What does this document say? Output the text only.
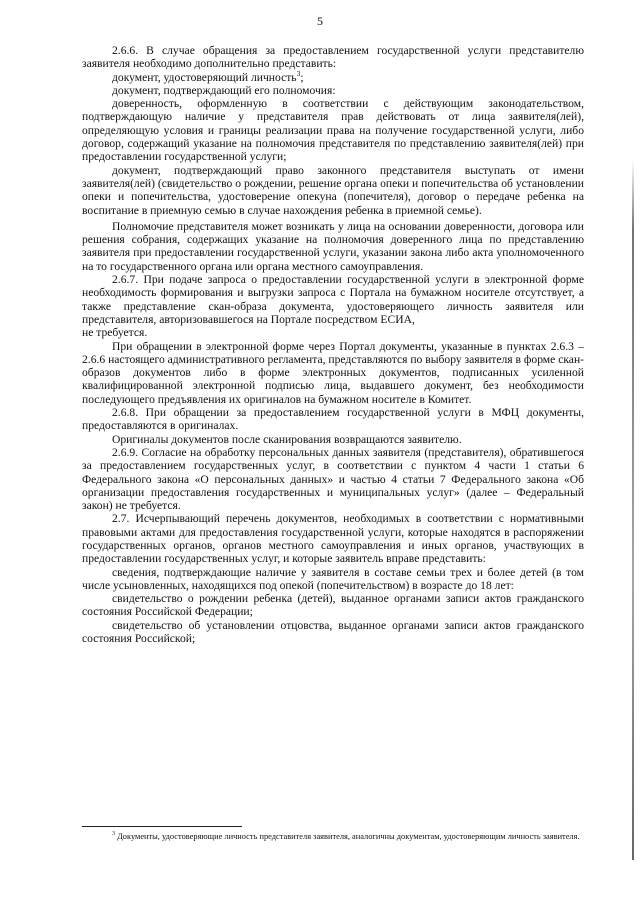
5

2.6.6. В случае обращения за предоставлением государственной услуги представителю заявителя необходимо дополнительно представить:

документ, удостоверяющий личность$^3$;

документ, подтверждающий его полномочия:

доверенность, оформленную в соответствии с действующим законодательством, подтверждающую наличие у представителя прав действовать от лица заявителя(лей), определяющую условия и границы реализации права на получение государственной услуги, либо договор, содержащий указание на полномочия представителя по представлению заявителя(лей) при предоставлении государственной услуги;

документ, подтверждающий право законного представителя выступать от имени заявителя(лей) (свидетельство о рождении, решение органа опеки и попечительства об установлении опеки и попечительства, удостоверение опекуна (попечителя), договор о передаче ребенка на воспитание в приемную семью в случае нахождения ребенка в приемной семье).

Полномочие представителя может возникать у лица на основании доверенности, договора или решения собрания, содержащих указание на полномочия доверенного лица по представлению заявителя при предоставлении государственной услуги, указании закона либо акта уполномоченного на то государственного органа или органа местного самоуправления.

2.6.7. При подаче запроса о предоставлении государственной услуги в электронной форме необходимость формирования и выгрузки запроса с Портала на бумажном носителе отсутствует, а также представление скан-образа документа, удостоверяющего личность заявителя или представителя, авторизовавшегося на Портале посредством ЕСИА,

не требуется.

При обращении в электронной форме через Портал документы, указанные в пунктах 2.6.3 – 2.6.6 настоящего административного регламента, представляются по выбору заявителя в форме скан-образов документов либо в форме электронных документов, подписанных усиленной квалифицированной электронной подписью лица, выдавшего документ, без необходимости последующего предъявления их оригиналов на бумажном носителе в Комитет.

2.6.8. При обращении за предоставлением государственной услуги в МФЦ документы, предоставляются в оригиналах.

Оригиналы документов после сканирования возвращаются заявителю.

2.6.9. Согласие на обработку персональных данных заявителя (представителя), обратившегося за предоставлением государственных услуг, в соответствии с пунктом 4 части 1 статьи 6 Федерального закона «О персональных данных» и частью 4 статьи 7 Федерального закона «Об организации предоставления государственных и муниципальных услуг» (далее – Федеральный закон) не требуется.

2.7. Исчерпывающий перечень документов, необходимых в соответствии с нормативными правовыми актами для предоставления государственной услуги, которые находятся в распоряжении государственных органов, органов местного самоуправления и иных органов, участвующих в предоставлении государственных услуг, и которые заявитель вправе представить:

сведения, подтверждающие наличие у заявителя в составе семьи трех и более детей (в том числе усыновленных, находящихся под опекой (попечительством) в возрасте до 18 лет:

свидетельство о рождении ребенка (детей), выданное органами записи актов гражданского состояния Российской Федерации;

свидетельство об установлении отцовства, выданное органами записи актов гражданского состояния Российской;

$^3$ Документы, удостоверяющие личность представителя заявителя, аналогичны документам, удостоверяющим личность заявителя.
